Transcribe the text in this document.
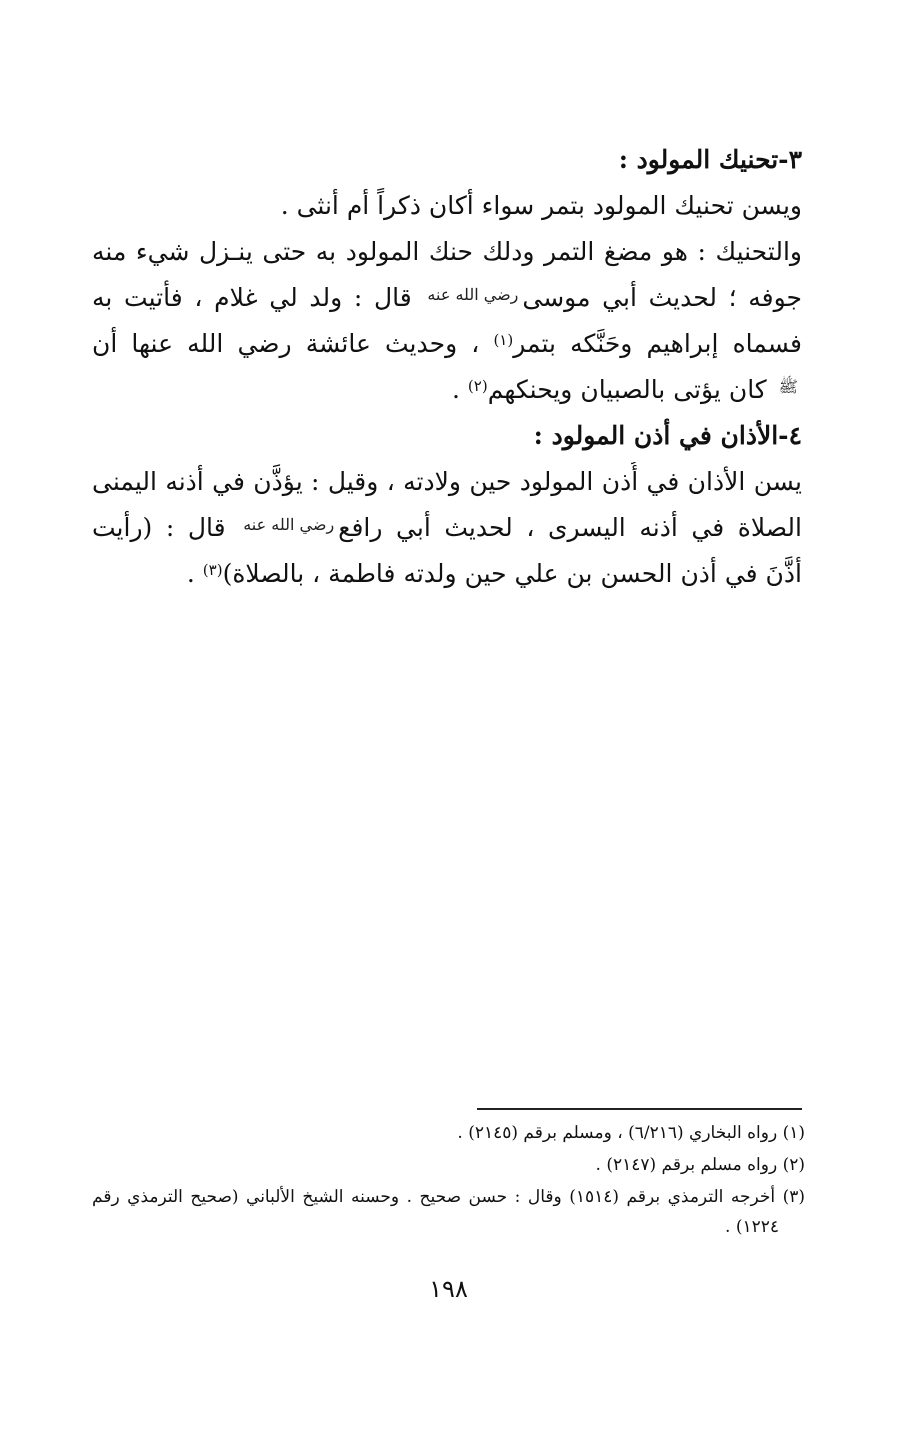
٣-تحنيك المولود :
ويسن تحنيك المولود بتمر سواء أكان ذكراً أم أنثى .
والتحنيك : هو مضغ التمر ودلك حنك المولود به حتى ينـزل شيء منه
جوفه ؛ لحديث أبي موسىرضي الله عنه قال : ولد لي غلام ، فأتيت به
فسماه إبراهيم وحَنَّكه بتمر$^{(١)}$ ، وحديث عائشة رضي الله عنها أن
ﷺ كان يؤتى بالصبيان ويحنكهم$^{(٢)}$ .
٤-الأذان في أذن المولود :
يسن الأذان في أُذن المولود حين ولادته ، وقيل : يؤذَّن في أذنه اليمنى
الصلاة في أذنه اليسرى ، لحديث أبي رافعرضي الله عنه قال : (رأيت
أذَّنَ في أذن الحسن بن علي حين ولدته فاطمة ، بالصلاة)$^{(٣)}$ .
(١) رواه البخاري (٦/٢١٦) ، ومسلم برقم (٢١٤٥) .
(٢) رواه مسلم برقم (٢١٤٧) .
(٣) أخرجه الترمذي برقم (١٥١٤) وقال : حسن صحيح . وحسنه الشيخ الألباني (صحيح الترمذي رقم
١٢٢٤) .
١٩٨
